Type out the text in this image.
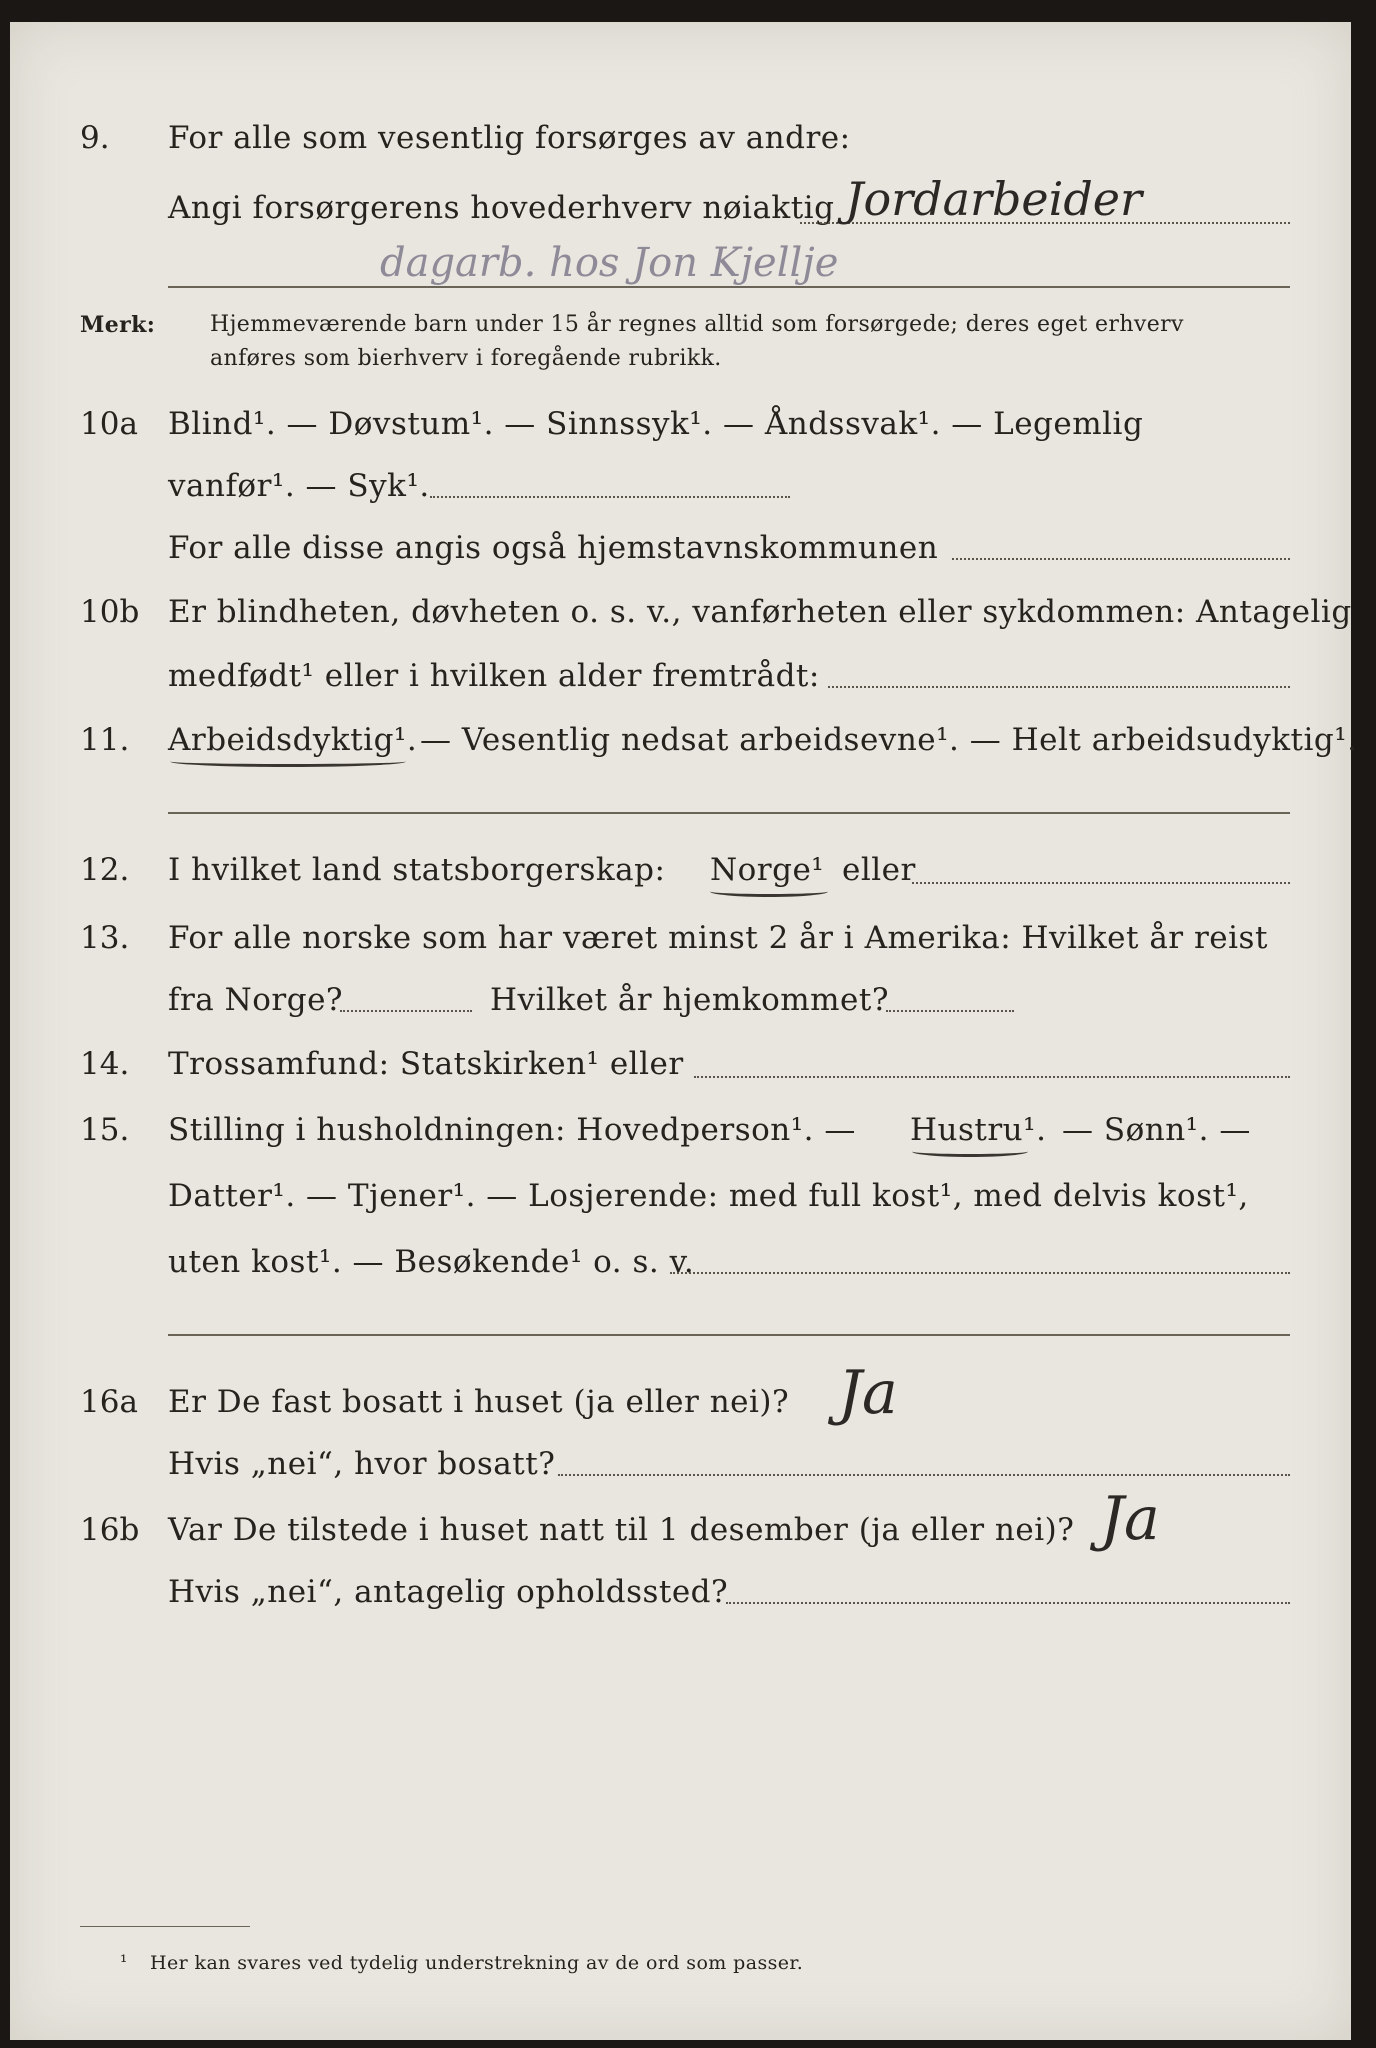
9. For alle som vesentlig forsørges av andre:
Angi forsørgerens hovederhverv nøiaktig Jordarbeider
dagarb. hos Jon Kjellje
Merk: Hjemmeværende barn under 15 år regnes alltid som forsørgede; deres eget erhverv
anføres som bierhverv i foregående rubrikk.
10a Blind¹. — Døvstum¹. — Sinnssyk¹. — Åndssvak¹. — Legemlig
vanfør¹. — Syk¹.
For alle disse angis også hjemstavnskommunen
10b Er blindheten, døvheten o. s. v., vanførheten eller sykdommen: Antagelig
medfødt¹ eller i hvilken alder fremtrådt:
11. Arbeidsdyktig¹. — Vesentlig nedsat arbeidsevne¹. — Helt arbeidsudyktig¹.
12. I hvilket land statsborgerskap: Norge¹ eller
13. For alle norske som har været minst 2 år i Amerika: Hvilket år reist
fra Norge?	Hvilket år hjemkommet?
14. Trossamfund: Statskirken¹ eller
15. Stilling i husholdningen: Hovedperson¹. — Hustru¹. — Sønn¹. —
Datter¹. — Tjener¹. — Losjerende: med full kost¹, med delvis kost¹,
uten kost¹. — Besøkende¹ o. s. v.
16a Er De fast bosatt i huset (ja eller nei)? Ja
Hvis „nei“, hvor bosatt?
16b Var De tilstede i huset natt til 1 desember (ja eller nei)? Ja
Hvis „nei“, antagelig opholdssted?
¹ Her kan svares ved tydelig understrekning av de ord som passer.
